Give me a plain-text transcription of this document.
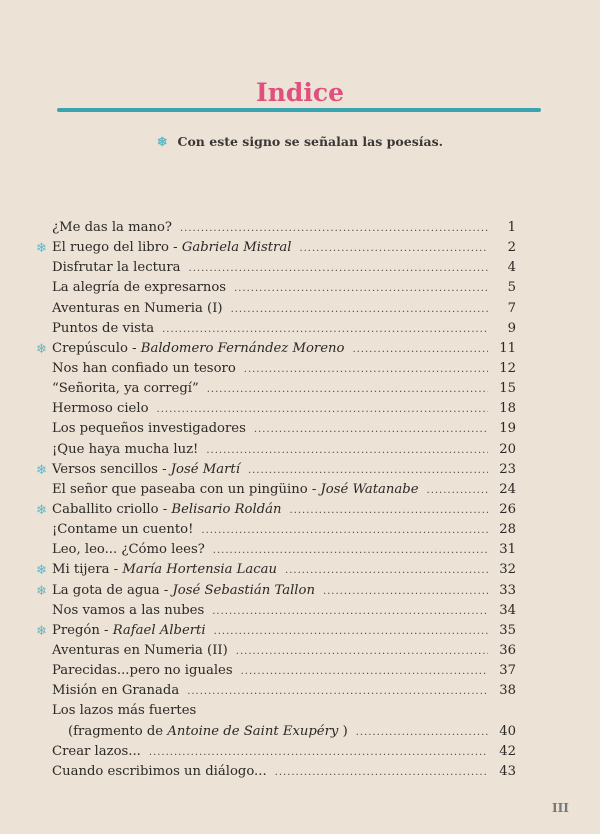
Indice
❄ Con este signo se señalan las poesías.
¿Me das la mano? .....	1
❄ El ruego del libro - Gabriela Mistral .....	2
Disfrutar la lectura .....	4
La alegría de expresarnos .....	5
Aventuras en Numeria (I) .....	7
Puntos de vista .....	9
❄ Crepúsculo - Baldomero Fernández Moreno .....	11
Nos han confiado un tesoro .....	12
“Señorita, ya corregí” .....	15
Hermoso cielo .....	18
Los pequeños investigadores .....	19
¡Que haya mucha luz! .....	20
❄ Versos sencillos - José Martí .....	23
El señor que paseaba con un pingüino - José Watanabe .....	24
❄ Caballito criollo - Belisario Roldán .....	26
¡Contame un cuento! .....	28
Leo, leo... ¿Cómo lees? .....	31
❄ Mi tijera - María Hortensia Lacau .....	32
❄ La gota de agua - José Sebastián Tallon .....	33
Nos vamos a las nubes .....	34
❄ Pregón - Rafael Alberti .....	35
Aventuras en Numeria (II) .....	36
Parecidas...pero no iguales .....	37
Misión en Granada .....	38
Los lazos más fuertes
(fragmento de Antoine de Saint Exupéry ) .....	40
Crear lazos... .....	42
Cuando escribimos un diálogo... .....	43
III
